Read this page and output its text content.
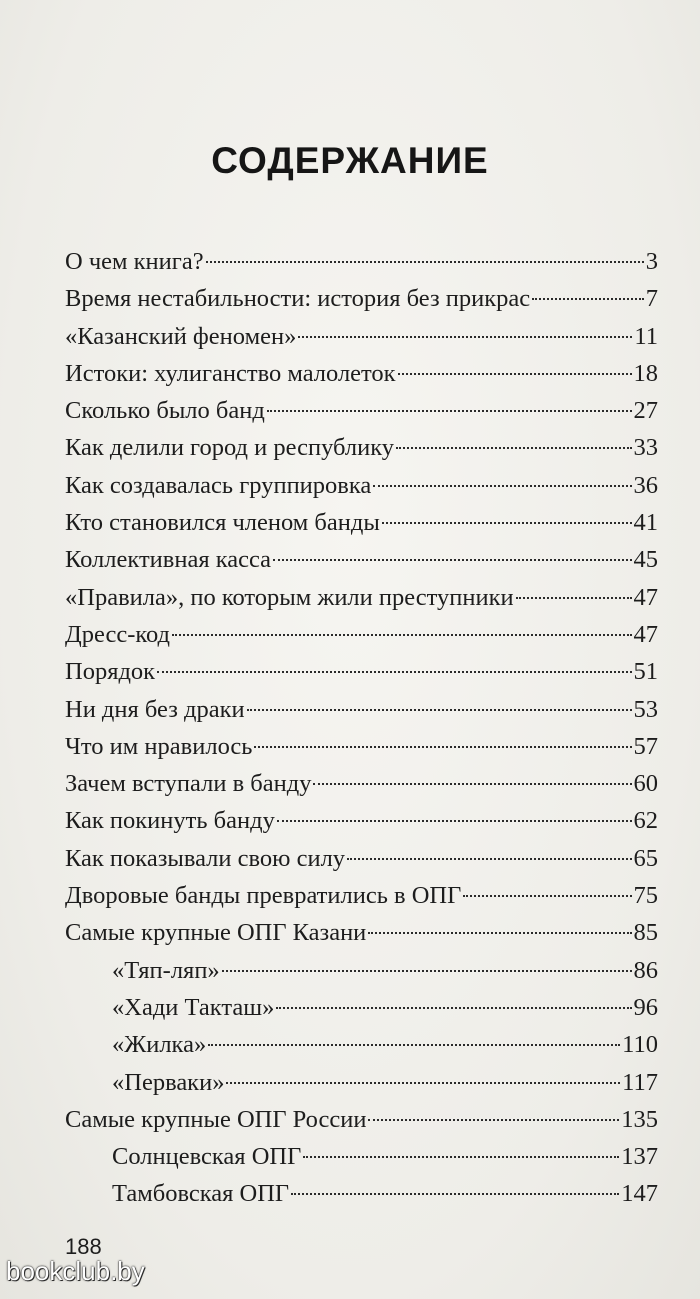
СОДЕРЖАНИЕ
О чем книга?	3
Время нестабильности: история без прикрас	7
«Казанский феномен»	11
Истоки: хулиганство малолеток	18
Сколько было банд	27
Как делили город и республику	33
Как создавалась группировка	36
Кто становился членом банды	41
Коллективная касса	45
«Правила», по которым жили преступники	47
Дресс-код	47
Порядок	51
Ни дня без драки	53
Что им нравилось	57
Зачем вступали в банду	60
Как покинуть банду	62
Как показывали свою силу	65
Дворовые банды превратились в ОПГ	75
Самые крупные ОПГ Казани	85
«Тяп-ляп»	86
«Хади Такташ»	96
«Жилка»	110
«Перваки»	117
Самые крупные ОПГ России	135
Солнцевская ОПГ	137
Тамбовская ОПГ	147
188
bookclub.by
